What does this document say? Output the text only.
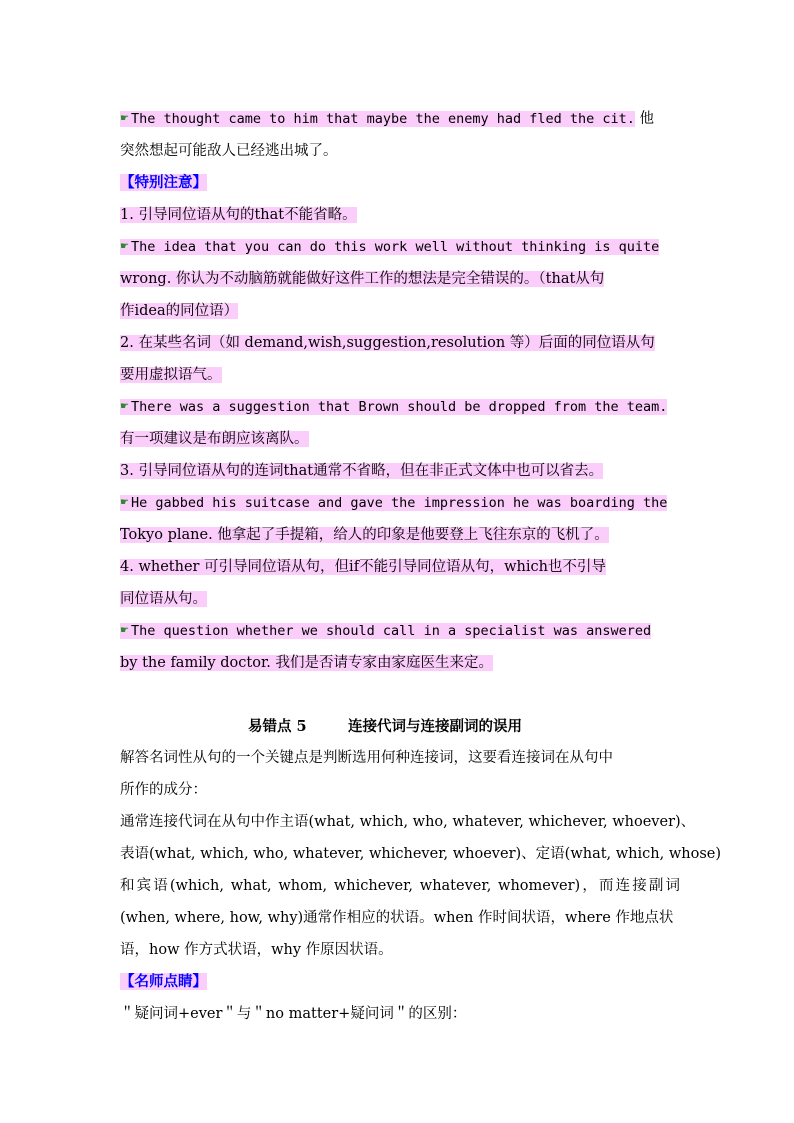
☛ The thought came to him that maybe the enemy had fled the cit. 他
突然想起可能敌人已经逃出城了。
【特别注意】
1. 引导同位语从句的that不能省略。
☛ The idea that you can do this work well without thinking is quite
wrong. 你认为不动脑筋就能做好这件工作的想法是完全错误的。（that从句
作idea的同位语）
2. 在某些名词（如 demand,wish,suggestion,resolution 等）后面的同位语从句
要用虚拟语气。
☛ There was a suggestion that Brown should be dropped from the team.
有一项建议是布朗应该离队。
3. 引导同位语从句的连词that通常不省略，但在非正式文体中也可以省去。
☛ He gabbed his suitcase and gave the impression he was boarding the
Tokyo plane. 他拿起了手提箱，给人的印象是他要登上飞往东京的飞机了。
4. whether 可引导同位语从句，但if不能引导同位语从句，which也不引导
同位语从句。
☛ The question whether we should call in a specialist was answered
by the family doctor. 我们是否请专家由家庭医生来定。
易错点 5	连接代词与连接副词的误用
解答名词性从句的一个关键点是判断选用何种连接词，这要看连接词在从句中
所作的成分：
通常连接代词在从句中作主语(what, which, who, whatever, whichever, whoever)、
表语(what, which, who, whatever, whichever, whoever)、定语(what, which, whose)
和宾语(which, what, whom, whichever, whatever, whomever)，而连接副词
(when, where, how, why)通常作相应的状语。when 作时间状语，where 作地点状
语，how 作方式状语，why 作原因状语。
【名师点睛】
＂疑问词+ever＂与＂no matter+疑问词＂的区别：
